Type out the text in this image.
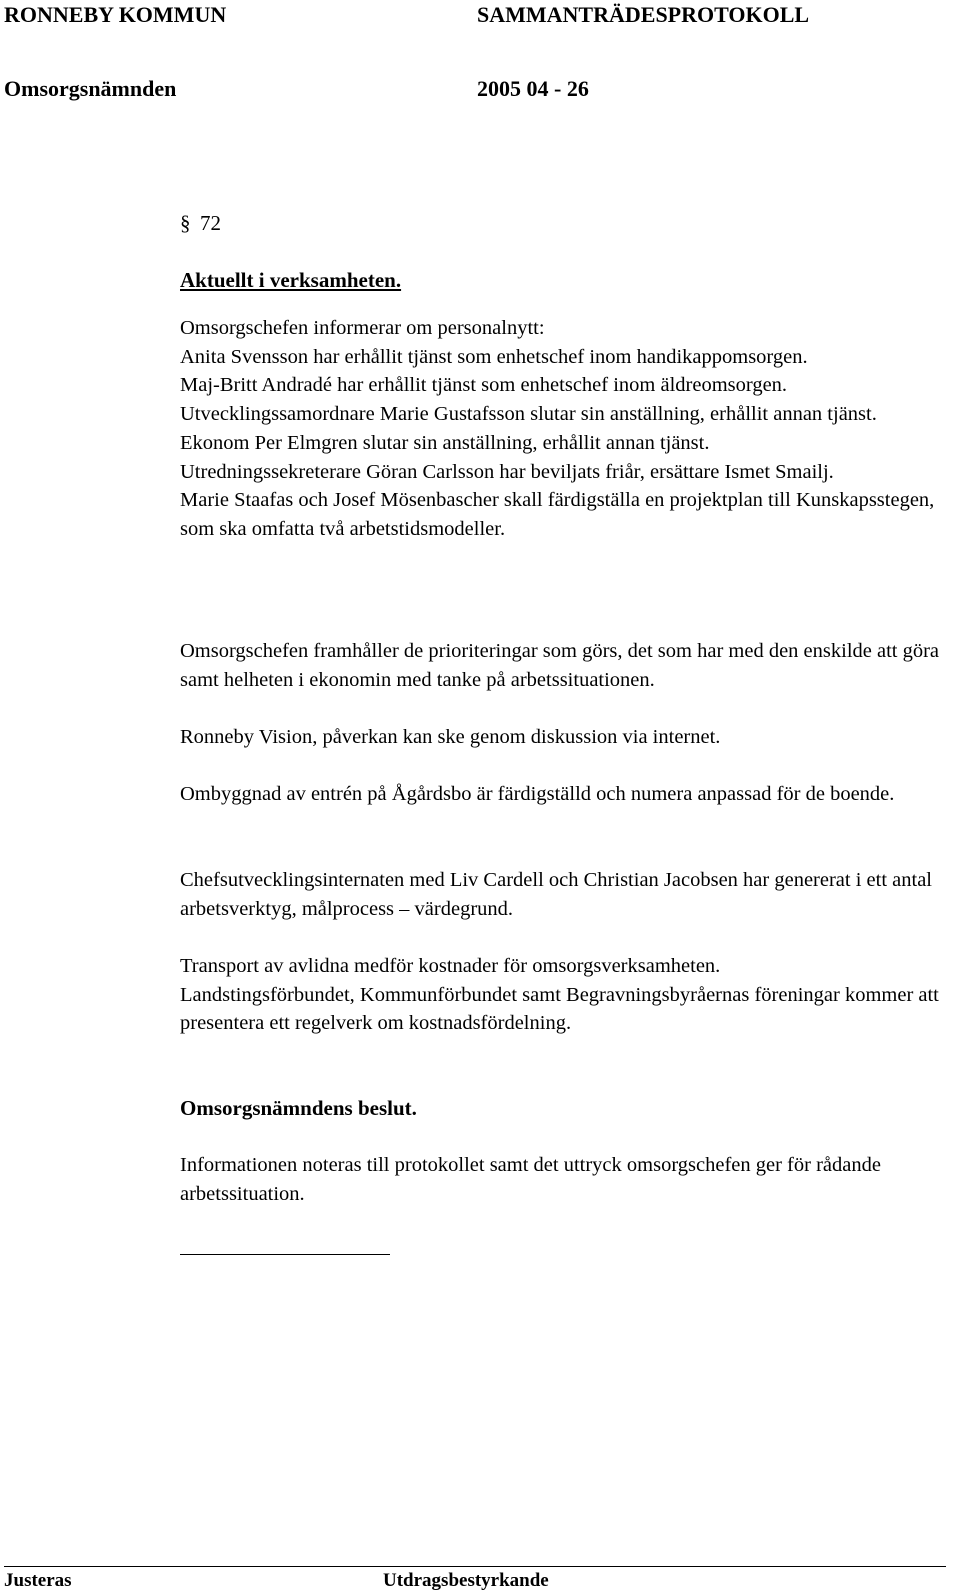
RONNEBY KOMMUN	SAMMANTRÄDESPROTOKOLL
Omsorgsnämnden	2005 04 - 26
§ 72
Aktuellt i verksamheten.

Omsorgschefen informerar om personalnytt:
Anita Svensson har erhållit tjänst som enhetschef inom handikappomsorgen.
Maj-Britt Andradé har erhållit tjänst som enhetschef inom äldreomsorgen.
Utvecklingssamordnare Marie Gustafsson slutar sin anställning, erhållit annan tjänst.
Ekonom Per Elmgren slutar sin anställning, erhållit annan tjänst.
Utredningssekreterare Göran Carlsson har beviljats friår, ersättare Ismet Smailj.
Marie Staafas och Josef Mösenbascher skall färdigställa en projektplan till Kunskapsstegen, som ska omfatta två arbetstidsmodeller.

Omsorgschefen framhåller de prioriteringar som görs, det som har med den enskilde att göra samt helheten i ekonomin med tanke på arbetssituationen.

Ronneby Vision, påverkan kan ske genom diskussion via internet.

Ombyggnad av entrén på Ågårdsbo är färdigställd och numera anpassad för de boende.

Chefsutvecklingsinternaten med Liv Cardell och Christian Jacobsen har genererat i ett antal arbetsverktyg, målprocess – värdegrund.

Transport av avlidna medför kostnader för omsorgsverksamheten.
Landstingsförbundet, Kommunförbundet samt Begravningsbyråernas föreningar kommer att presentera ett regelverk om kostnadsfördelning.

Omsorgsnämndens beslut.

Informationen noteras till protokollet samt det uttryck omsorgschefen ger för rådande arbetssituation.

Justeras	Utdragsbestyrkande
